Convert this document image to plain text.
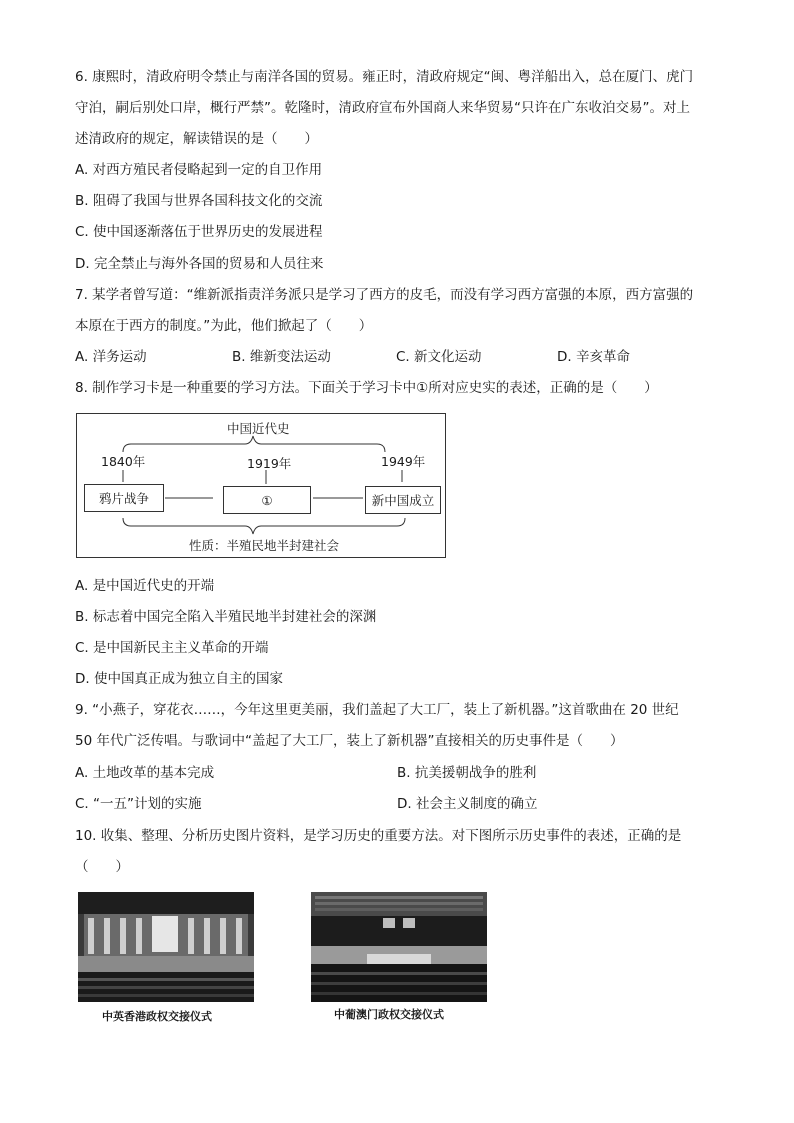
6. 康熙时，清政府明令禁止与南洋各国的贸易。雍正时，清政府规定“闽、粤洋船出入，总在厦门、虎门
守泊，嗣后别处口岸，概行严禁”。乾隆时，清政府宣布外国商人来华贸易“只许在广东收泊交易”。对上
述清政府的规定，解读错误的是（　　）
A. 对西方殖民者侵略起到一定的自卫作用
B. 阻碍了我国与世界各国科技文化的交流
C. 使中国逐渐落伍于世界历史的发展进程
D. 完全禁止与海外各国的贸易和人员往来
7. 某学者曾写道：“维新派指责洋务派只是学习了西方的皮毛，而没有学习西方富强的本原，西方富强的
本原在于西方的制度。”为此，他们掀起了（　　）
A. 洋务运动	B. 维新变法运动	C. 新文化运动	D. 辛亥革命
8. 制作学习卡是一种重要的学习方法。下面关于学习卡中①所对应史实的表述，正确的是（　　）
中国近代史
1840年	1919年	1949年
鸦片战争	①	新中国成立
性质：半殖民地半封建社会
A. 是中国近代史的开端
B. 标志着中国完全陷入半殖民地半封建社会的深渊
C. 是中国新民主主义革命的开端
D. 使中国真正成为独立自主的国家
9. “小燕子，穿花衣……，今年这里更美丽，我们盖起了大工厂，装上了新机器。”这首歌曲在 20 世纪
50 年代广泛传唱。与歌词中“盖起了大工厂，装上了新机器”直接相关的历史事件是（　　）
A. 土地改革的基本完成	B. 抗美援朝战争的胜利
C. “一五”计划的实施	D. 社会主义制度的确立
10. 收集、整理、分析历史图片资料，是学习历史的重要方法。对下图所示历史事件的表述，正确的是
（　　）
中英香港政权交接仪式	中葡澳门政权交接仪式
